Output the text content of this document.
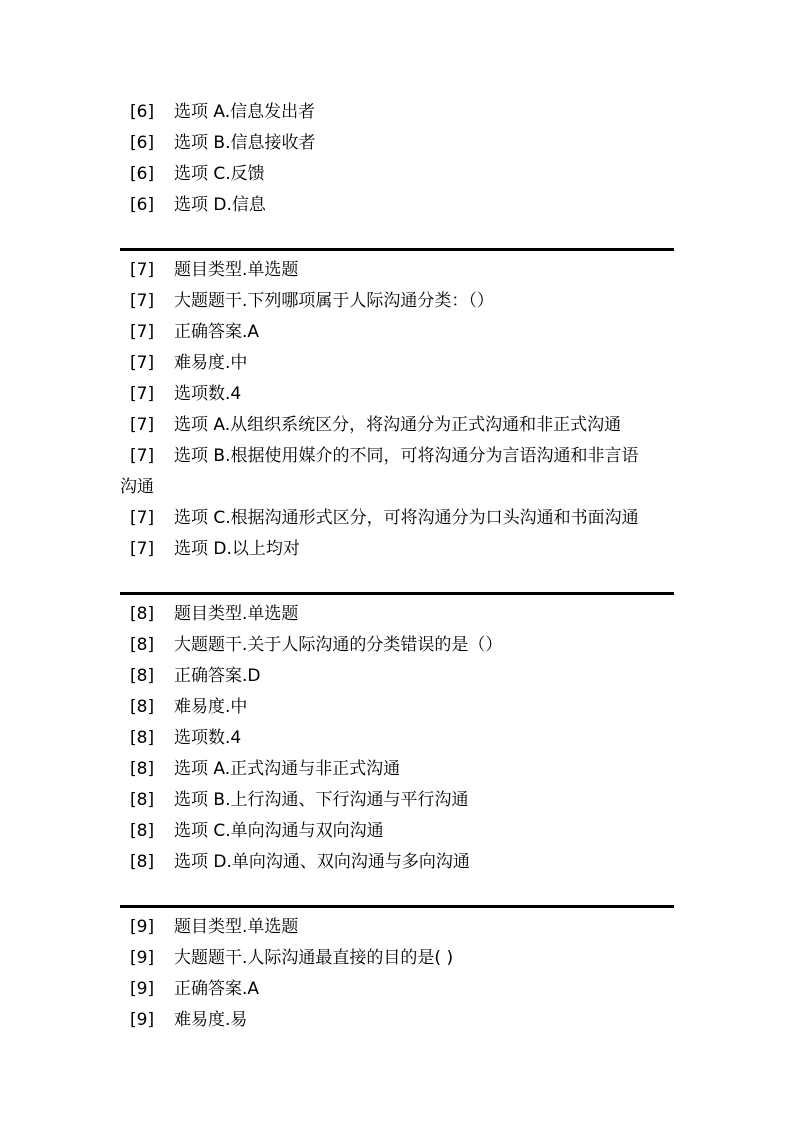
[6] 选项 A.信息发出者
[6] 选项 B.信息接收者
[6] 选项 C.反馈
[6] 选项 D.信息
[7] 题目类型.单选题
[7] 大题题干.下列哪项属于人际沟通分类：（）
[7] 正确答案.A
[7] 难易度.中
[7] 选项数.4
[7] 选项 A.从组织系统区分，将沟通分为正式沟通和非正式沟通
[7] 选项 B.根据使用媒介的不同，可将沟通分为言语沟通和非言语
沟通
[7] 选项 C.根据沟通形式区分，可将沟通分为口头沟通和书面沟通
[7] 选项 D.以上均对
[8] 题目类型.单选题
[8] 大题题干.关于人际沟通的分类错误的是（）
[8] 正确答案.D
[8] 难易度.中
[8] 选项数.4
[8] 选项 A.正式沟通与非正式沟通
[8] 选项 B.上行沟通、下行沟通与平行沟通
[8] 选项 C.单向沟通与双向沟通
[8] 选项 D.单向沟通、双向沟通与多向沟通
[9] 题目类型.单选题
[9] 大题题干.人际沟通最直接的目的是( )
[9] 正确答案.A
[9] 难易度.易
